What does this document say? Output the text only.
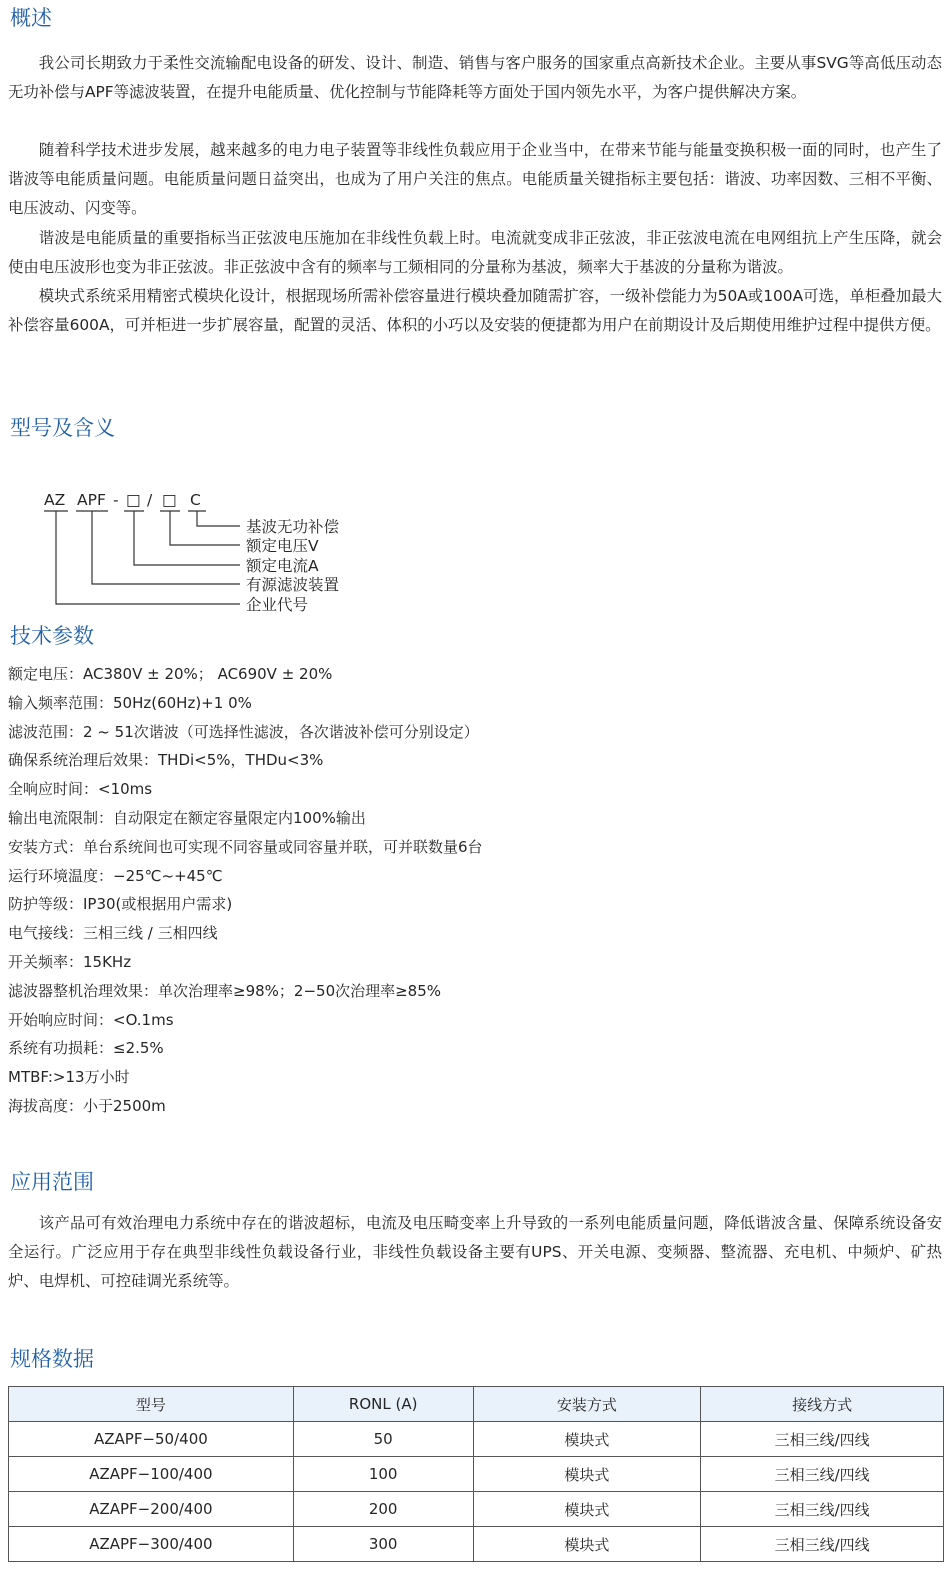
概述

我公司长期致力于柔性交流输配电设备的研发、设计、制造、销售与客户服务的国家重点高新技术企业。主要从事SVG等高低压动态无功补偿与APF等滤波装置，在提升电能质量、优化控制与节能降耗等方面处于国内领先水平，为客户提供解决方案。

随着科学技术进步发展，越来越多的电力电子装置等非线性负载应用于企业当中，在带来节能与能量变换积极一面的同时，也产生了谐波等电能质量问题。电能质量问题日益突出，也成为了用户关注的焦点。电能质量关键指标主要包括：谐波、功率因数、三相不平衡、电压波动、闪变等。

谐波是电能质量的重要指标当正弦波电压施加在非线性负载上时。电流就变成非正弦波，非正弦波电流在电网组抗上产生压降，就会使由电压波形也变为非正弦波。非正弦波中含有的频率与工频相同的分量称为基波，频率大于基波的分量称为谐波。

模块式系统采用精密式模块化设计，根据现场所需补偿容量进行模块叠加随需扩容，一级补偿能力为50A或100A可选，单柜叠加最大补偿容量600A，可并柜进一步扩展容量，配置的灵活、体积的小巧以及安装的便捷都为用户在前期设计及后期使用维护过程中提供方便。

型号及含义
AZ APF - □ / □ C
基波无功补偿
额定电压V
额定电流A
有源滤波装置
企业代号
技术参数
额定电压：AC380V ± 20%； AC690V ± 20%
输入频率范围：50Hz(60Hz)+1 0%
滤波范围：2 ~ 51次谐波（可选择性滤波，各次谐波补偿可分别设定）
确保系统治理后效果：THDi<5%，THDu<3%
全响应时间：<10ms
输出电流限制：自动限定在额定容量限定内100%输出
安装方式：单台系统间也可实现不同容量或同容量并联，可并联数量6台
运行环境温度：−25℃~+45℃
防护等级：IP30(或根据用户需求)
电气接线：三相三线 / 三相四线
开关频率：15KHz
滤波器整机治理效果：单次治理率≥98%；2−50次治理率≥85%
开始响应时间：<O.1ms
系统有功损耗：≤2.5%
MTBF:>13万小时
海拔高度：小于2500m
应用范围

该产品可有效治理电力系统中存在的谐波超标，电流及电压畸变率上升导致的一系列电能质量问题，降低谐波含量、保障系统设备安全运行。广泛应用于存在典型非线性负载设备行业，非线性负载设备主要有UPS、开关电源、变频器、整流器、充电机、中频炉、矿热炉、电焊机、可控硅调光系统等。

规格数据
型号	RONL (A)	安装方式	接线方式
AZAPF−50/400	50	模块式	三相三线/四线
AZAPF−100/400	100	模块式	三相三线/四线
AZAPF−200/400	200	模块式	三相三线/四线
AZAPF−300/400	300	模块式	三相三线/四线
